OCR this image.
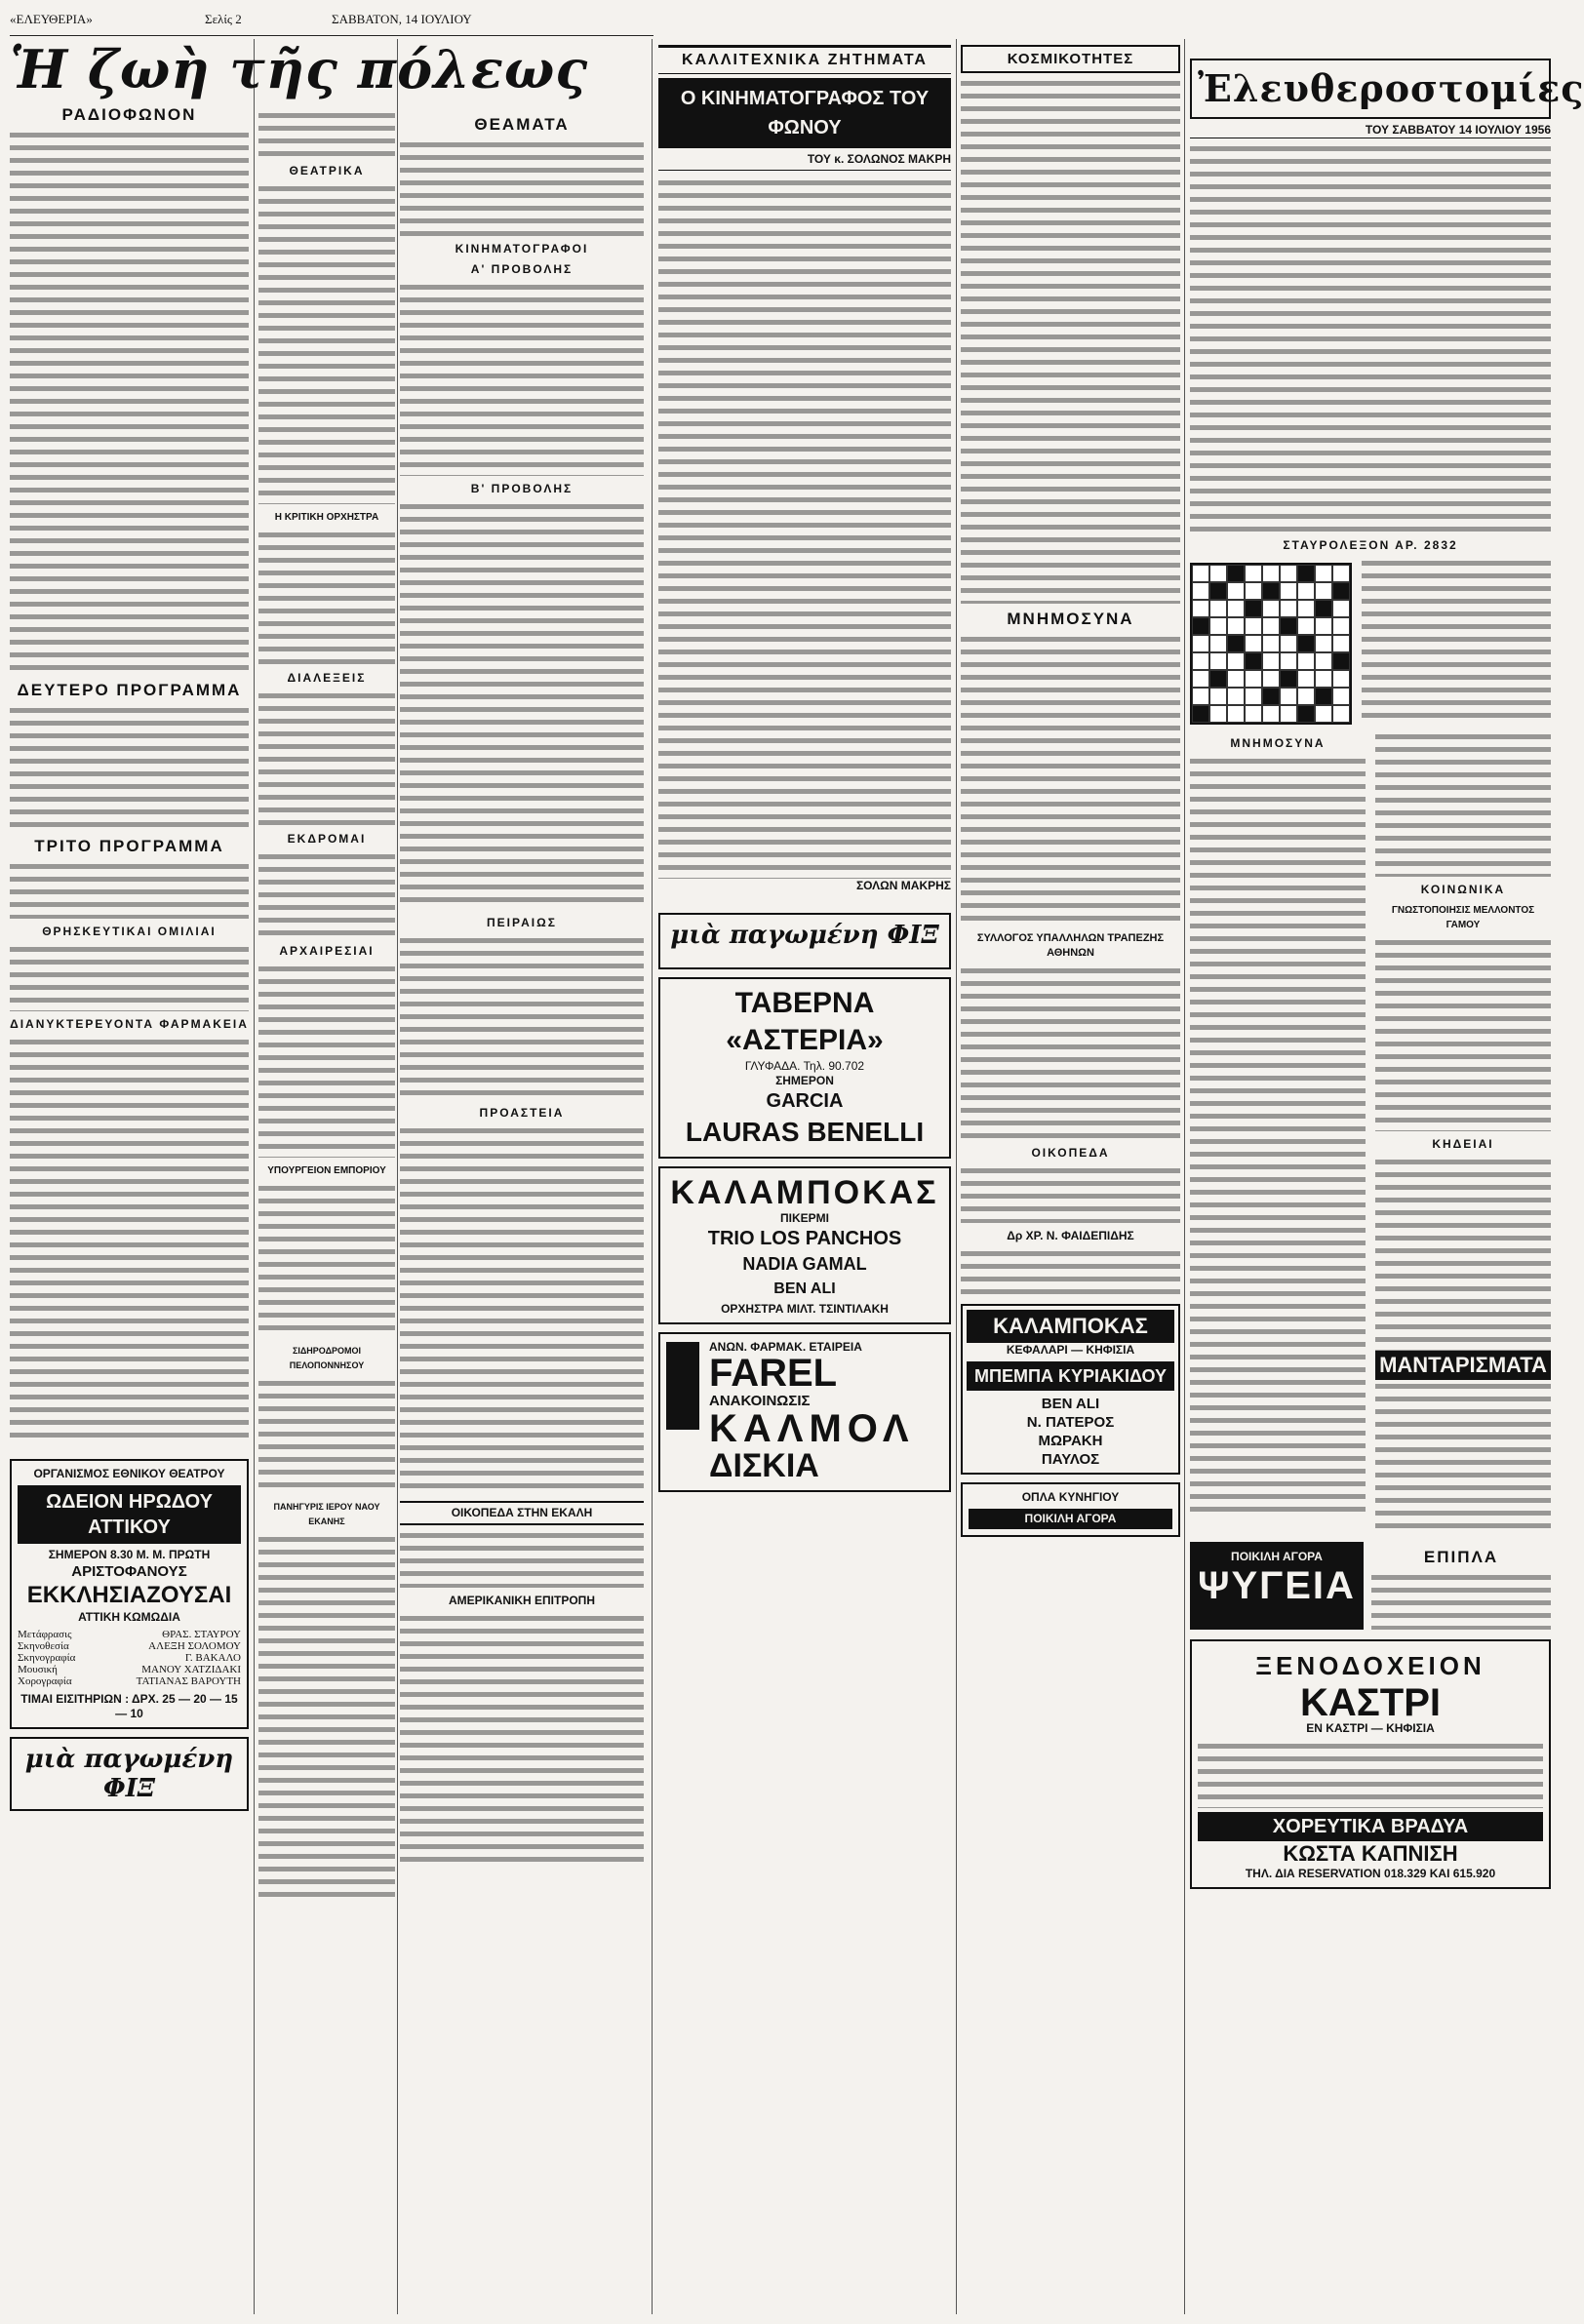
«ΕΛΕΥΘΕΡΙΑ»	Σελίς 2	ΣΑΒΒΑΤΟΝ, 14 ΙΟΥΛΙΟΥ
Ἡ ζωὴ τῆς πόλεως
ΡΑΔΙΟΦΩΝΟΝ
ΔΕΥΤΕΡΟ ΠΡΟΓΡΑΜΜΑ
ΤΡΙΤΟ ΠΡΟΓΡΑΜΜΑ
ΘΡΗΣΚΕΥΤΙΚΑΙ ΟΜΙΛΙΑΙ
ΔΙΑΝΥΚΤΕΡΕΥΟΝΤΑ ΦΑΡΜΑΚΕΙΑ
ΟΡΓΑΝΙΣΜΟΣ ΕΘΝΙΚΟΥ ΘΕΑΤΡΟΥ
ΩΔΕΙΟΝ ΗΡΩΔΟΥ ΑΤΤΙΚΟΥ
ΣΗΜΕΡΟΝ 8.30 Μ. Μ. ΠΡΩΤΗ
ΑΡΙΣΤΟΦΑΝΟΥΣ
ΕΚΚΛΗΣΙΑΖΟΥΣΑΙ
ΑΤΤΙΚΗ ΚΩΜΩΔΙΑ
Μετάφρασις	ΘΡΑΣ. ΣΤΑΥΡΟΥ
Σκηνοθεσία	ΑΛΕΞΗ ΣΟΛΟΜΟΥ
Σκηνογραφία	Γ. ΒΑΚΑΛΟ
Μουσική	ΜΑΝΟΥ ΧΑΤΖΙΔΑΚΙ
Χορογραφία	ΤΑΤΙΑΝΑΣ ΒΑΡΟΥΤΗ
ΤΙΜΑΙ ΕΙΣΙΤΗΡΙΩΝ : ΔΡΧ. 25 — 20 — 15 — 10
μιὰ παγωμένη ΦΙΞ
ΘΕΑΤΡΙΚΑ
Η ΚΡΙΤΙΚΗ ΟΡΧΗΣΤΡΑ
ΔΙΑΛΕΞΕΙΣ
ΕΚΔΡΟΜΑΙ
ΑΡΧΑΙΡΕΣΙΑΙ
ΥΠΟΥΡΓΕΙΟΝ ΕΜΠΟΡΙΟΥ
ΣΙΔΗΡΟΔΡΟΜΟΙ ΠΕΛΟΠΟΝΝΗΣΟΥ
ΠΑΝΗΓΥΡΙΣ ΙΕΡΟΥ ΝΑΟΥ ΕΚΑΝΗΣ
ΘΕΑΜΑΤΑ
ΚΙΝΗΜΑΤΟΓΡΑΦΟΙ
Α' ΠΡΟΒΟΛΗΣ
Β' ΠΡΟΒΟΛΗΣ
ΠΕΙΡΑΙΩΣ
ΠΡΟΑΣΤΕΙΑ
ΟΙΚΟΠΕΔΑ ΣΤΗΝ ΕΚΑΛΗ
ΑΜΕΡΙΚΑΝΙΚΗ ΕΠΙΤΡΟΠΗ
ΚΑΛΛΙΤΕΧΝΙΚΑ ΖΗΤΗΜΑΤΑ
Ο ΚΙΝΗΜΑΤΟΓΡΑΦΟΣ ΤΟΥ ΦΩΝΟΥ
ΤΟΥ κ. ΣΟΛΩΝΟΣ ΜΑΚΡΗ
ΣΟΛΩΝ ΜΑΚΡΗΣ
μιὰ παγωμένη ΦΙΞ
ΤΑΒΕΡΝΑ «ΑΣΤΕΡΙΑ»
ΓΛΥΦΑΔΑ. Τηλ. 90.702
ΣΗΜΕΡΟΝ
GARCIA
LAURAS BENELLI
ΚΑΛΑΜΠΟΚΑΣ
ΠΙΚΕΡΜΙ
TRIO LOS PANCHOS
NADIA GAMAL
BEN ALI
ΟΡΧΗΣΤΡΑ ΜΙΛΤ. ΤΣΙΝΤΙΛΑΚΗ
ΑΝΩΝ. ΦΑΡΜΑΚ. ΕΤΑΙΡΕΙΑ
FAREL
ΑΝΑΚΟΙΝΩΣΙΣ
ΚΑΛΜΟΛ
ΔΙΣΚΙΑ
ΚΟΣΜΙΚΟΤΗΤΕΣ
ΜΝΗΜΟΣΥΝΑ
ΣΥΛΛΟΓΟΣ ΥΠΑΛΛΗΛΩΝ ΤΡΑΠΕΖΗΣ ΑΘΗΝΩΝ
ΟΙΚΟΠΕΔΑ
Δρ ΧΡ. Ν. ΦΑΙΔΕΠΙΔΗΣ
ΚΑΛΑΜΠΟΚΑΣ
ΚΕΦΑΛΑΡΙ — ΚΗΦΙΣΙΑ
ΜΠΕΜΠΑ ΚΥΡΙΑΚΙΔΟΥ
BEN ALI
Ν. ΠΑΤΕΡΟΣ
ΜΩΡΑΚΗ
ΠΑΥΛΟΣ
ΟΠΛΑ ΚΥΝΗΓΙΟΥ
ΠΟΙΚΙΛΗ ΑΓΟΡΑ
Ἐλευθεροστομίες
ΤΟΥ ΣΑΒΒΑΤΟΥ 14 ΙΟΥΛΙΟΥ 1956
ΣΤΑΥΡΟΛΕΞΟΝ ΑΡ. 2832
ΜΝΗΜΟΣΥΝΑ
ΚΟΙΝΩΝΙΚΑ
ΓΝΩΣΤΟΠΟΙΗΣΙΣ ΜΕΛΛΟΝΤΟΣ ΓΑΜΟΥ
ΚΗΔΕΙΑΙ
ΜΑΝΤΑΡΙΣΜΑΤΑ
ΠΟΙΚΙΛΗ ΑΓΟΡΑ
ΨΥΓΕΙΑ
ΕΠΙΠΛΑ
ΞΕΝΟΔΟΧΕΙΟΝ
ΚΑΣΤΡΙ
ΕΝ ΚΑΣΤΡΙ — ΚΗΦΙΣΙΑ
ΧΟΡΕΥΤΙΚΑ ΒΡΑΔΥΑ
ΚΩΣΤΑ ΚΑΠΝΙΣΗ
ΤΗΛ. ΔΙΑ RESERVATION 018.329 ΚΑΙ 615.920
